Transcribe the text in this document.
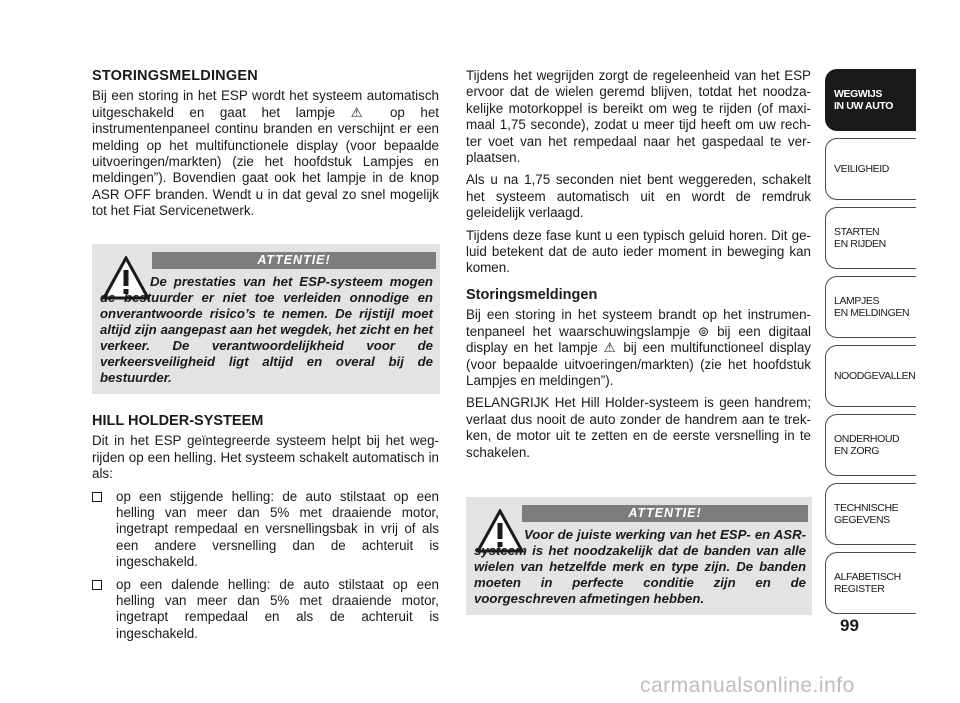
STORINGSMELDINGEN

Bij een storing in het ESP wordt het systeem automatisch uitgeschakeld en gaat het lampje ⚠ op het instrumentenpaneel continu branden en verschijnt er een melding op het multifunctionele display (voor bepaalde uitvoeringen/markten) (zie het hoofdstuk Lampjes en meldingen”). Bovendien gaat ook het lampje in de knop ASR OFF branden. Wendt u in dat geval zo snel mogelijk tot het Fiat Servicenetwerk.

ATTENTIE!
De prestaties van het ESP-systeem mogen de bestuurder er niet toe verleiden onnodige en onverantwoorde risico’s te nemen. De rijstijl moet altijd zijn aangepast aan het wegdek, het zicht en het verkeer. De verantwoordelijkheid voor de verkeersveiligheid ligt altijd en overal bij de bestuurder.
HILL HOLDER-SYSTEEM

Dit in het ESP geïntegreerde systeem helpt bij het wegrijden op een helling. Het systeem schakelt automatisch in als:

op een stijgende helling: de auto stilstaat op een helling van meer dan 5% met draaiende motor, ingetrapt rempedaal en versnellingsbak in vrij of als een andere versnelling dan de achteruit is ingeschakeld.
op een dalende helling: de auto stilstaat op een helling van meer dan 5% met draaiende motor, ingetrapt rempedaal en als de achteruit is ingeschakeld.

Tijdens het wegrijden zorgt de regeleenheid van het ESP ervoor dat de wielen geremd blijven, totdat het noodzakelijke motorkoppel is bereikt om weg te rijden (of maximaal 1,75 seconde), zodat u meer tijd heeft om uw rechter voet van het rempedaal naar het gaspedaal te verplaatsen.

Als u na 1,75 seconden niet bent weggereden, schakelt het systeem automatisch uit en wordt de remdruk geleidelijk verlaagd.

Tijdens deze fase kunt u een typisch geluid horen. Dit geluid betekent dat de auto ieder moment in beweging kan komen.

Storingsmeldingen

Bij een storing in het systeem brandt op het instrumentenpaneel het waarschuwingslampje ⊚ bij een digitaal display en het lampje ⚠ bij een multifunctioneel display (voor bepaalde uitvoeringen/markten) (zie het hoofdstuk Lampjes en meldingen”).

BELANGRIJK Het Hill Holder-systeem is geen handrem; verlaat dus nooit de auto zonder de handrem aan te trekken, de motor uit te zetten en de eerste versnelling in te schakelen.

ATTENTIE!
Voor de juiste werking van het ESP- en ASR-systeem is het noodzakelijk dat de banden van alle wielen van hetzelfde merk en type zijn. De banden moeten in perfecte conditie zijn en de voorgeschreven afmetingen hebben.
WEGWIJS
IN UW AUTO
VEILIGHEID
STARTEN
EN RIJDEN
LAMPJES
EN MELDINGEN
NOODGEVALLEN
ONDERHOUD
EN ZORG
TECHNISCHE
GEGEVENS
ALFABETISCH
REGISTER
99
carmanualsonline.info
